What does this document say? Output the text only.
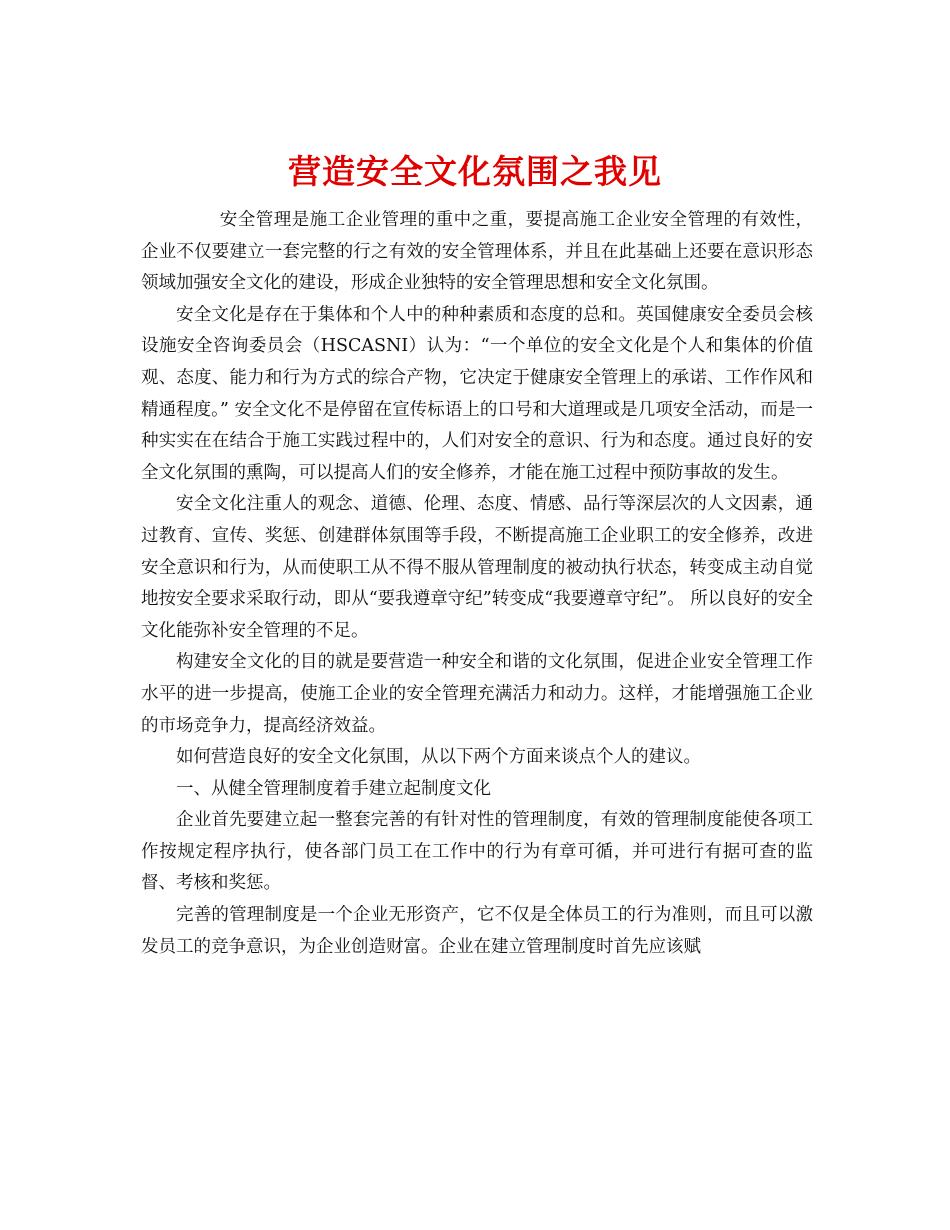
营造安全文化氛围之我见

安全管理是施工企业管理的重中之重，要提高施工企业安全管理的有效性，企业不仅要建立一套完整的行之有效的安全管理体系，并且在此基础上还要在意识形态领域加强安全文化的建设，形成企业独特的安全管理思想和安全文化氛围。

安全文化是存在于集体和个人中的种种素质和态度的总和。英国健康安全委员会核设施安全咨询委员会（HSCASNI）认为：“一个单位的安全文化是个人和集体的价值观、态度、能力和行为方式的综合产物，它决定于健康安全管理上的承诺、工作作风和精通程度。” 安全文化不是停留在宣传标语上的口号和大道理或是几项安全活动，而是一种实实在在结合于施工实践过程中的，人们对安全的意识、行为和态度。通过良好的安全文化氛围的熏陶，可以提高人们的安全修养，才能在施工过程中预防事故的发生。

安全文化注重人的观念、道德、伦理、态度、情感、品行等深层次的人文因素，通过教育、宣传、奖惩、创建群体氛围等手段，不断提高施工企业职工的安全修养，改进安全意识和行为，从而使职工从不得不服从管理制度的被动执行状态，转变成主动自觉地按安全要求采取行动，即从“要我遵章守纪”转变成“我要遵章守纪”。 所以良好的安全文化能弥补安全管理的不足。

构建安全文化的目的就是要营造一种安全和谐的文化氛围，促进企业安全管理工作水平的进一步提高，使施工企业的安全管理充满活力和动力。这样，才能增强施工企业的市场竞争力，提高经济效益。

如何营造良好的安全文化氛围，从以下两个方面来谈点个人的建议。

一、从健全管理制度着手建立起制度文化

企业首先要建立起一整套完善的有针对性的管理制度，有效的管理制度能使各项工作按规定程序执行，使各部门员工在工作中的行为有章可循，并可进行有据可查的监督、考核和奖惩。

完善的管理制度是一个企业无形资产，它不仅是全体员工的行为准则，而且可以激发员工的竞争意识，为企业创造财富。企业在建立管理制度时首先应该赋
